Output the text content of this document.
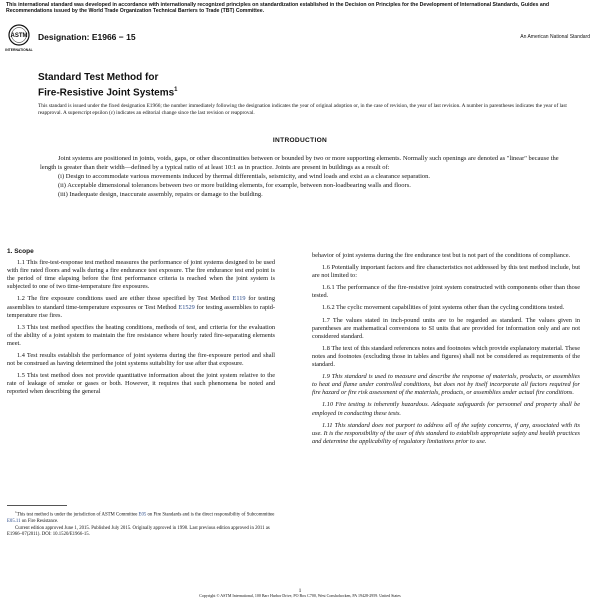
This international standard was developed in accordance with internationally recognized principles on standardization established in the Decision on Principles for the Development of International Standards, Guides and Recommendations issued by the World Trade Organization Technical Barriers to Trade (TBT) Committee.
ASTM
INTERNATIONAL
Designation: E1966 − 15	An American National Standard
Standard Test Method for
Fire-Resistive Joint Systems$^1$
This standard is issued under the fixed designation E1966; the number immediately following the designation indicates the year of original adoption or, in the case of revision, the year of last revision. A number in parentheses indicates the year of last reapproval. A superscript epsilon (ε) indicates an editorial change since the last revision or reapproval.
INTRODUCTION

Joint systems are positioned in joints, voids, gaps, or other discontinuities between or bounded by two or more supporting elements. Normally such openings are denoted as "linear" because the length is greater than their width—defined by a typical ratio of at least 10:1 as in practice. Joints are present in buildings as a result of:

(i) Design to accommodate various movements induced by thermal differentials, seismicity, and wind loads and exist as a clearance separation.

(ii) Acceptable dimensional tolerances between two or more building elements, for example, between non-loadbearing walls and floors.

(iii) Inadequate design, inaccurate assembly, repairs or damage to the building.

1. Scope

1.1 This fire-test-response test method measures the performance of joint systems designed to be used with fire rated floors and walls during a fire endurance test exposure. The fire endurance test end point is the period of time elapsing before the first performance criteria is reached when the joint system is subjected to one of two time-temperature fire exposures.

1.2 The fire exposure conditions used are either those specified by Test Method E119 for testing assemblies to standard time-temperature exposures or Test Method E1529 for testing assemblies to rapid-temperature rise fires.

1.3 This test method specifies the heating conditions, methods of test, and criteria for the evaluation of the ability of a joint system to maintain the fire resistance where hourly rated fire-separating elements meet.

1.4 Test results establish the performance of joint systems during the fire-exposure period and shall not be construed as having determined the joint systems suitability for use after that exposure.

1.5 This test method does not provide quantitative information about the joint system relative to the rate of leakage of smoke or gases or both. However, it requires that such phenomena be noted and reported when describing the general

$^1$This test method is under the jurisdiction of ASTM Committee E05 on Fire Standards and is the direct responsibility of Subcommittee E05.11 on Fire Resistance.

Current edition approved June 1, 2015. Published July 2015. Originally approved in 1998. Last previous edition approved in 2011 as E1966–07(2011). DOI: 10.1520/E1966-15.

behavior of joint systems during the fire endurance test but is not part of the conditions of compliance.

1.6 Potentially important factors and fire characteristics not addressed by this test method include, but are not limited to:

1.6.1 The performance of the fire-resistive joint system constructed with components other than those tested.

1.6.2 The cyclic movement capabilities of joint systems other than the cycling conditions tested.

1.7 The values stated in inch-pound units are to be regarded as standard. The values given in parentheses are mathematical conversions to SI units that are provided for information only and are not considered standard.

1.8 The text of this standard references notes and footnotes which provide explanatory material. These notes and footnotes (excluding those in tables and figures) shall not be considered as requirements of the standard.

1.9 This standard is used to measure and describe the response of materials, products, or assemblies to heat and flame under controlled conditions, but does not by itself incorporate all factors required for fire hazard or fire risk assessment of the materials, products, or assemblies under actual fire conditions.

1.10 Fire testing is inherently hazardous. Adequate safeguards for personnel and property shall be employed in conducting these tests.

1.11 This standard does not purport to address all of the safety concerns, if any, associated with its use. It is the responsibility of the user of this standard to establish appropriate safety and health practices and determine the applicability of regulatory limitations prior to use.

1
Copyright © ASTM International, 100 Barr Harbor Drive, PO Box C700, West Conshohocken, PA 19428-2959. United States
